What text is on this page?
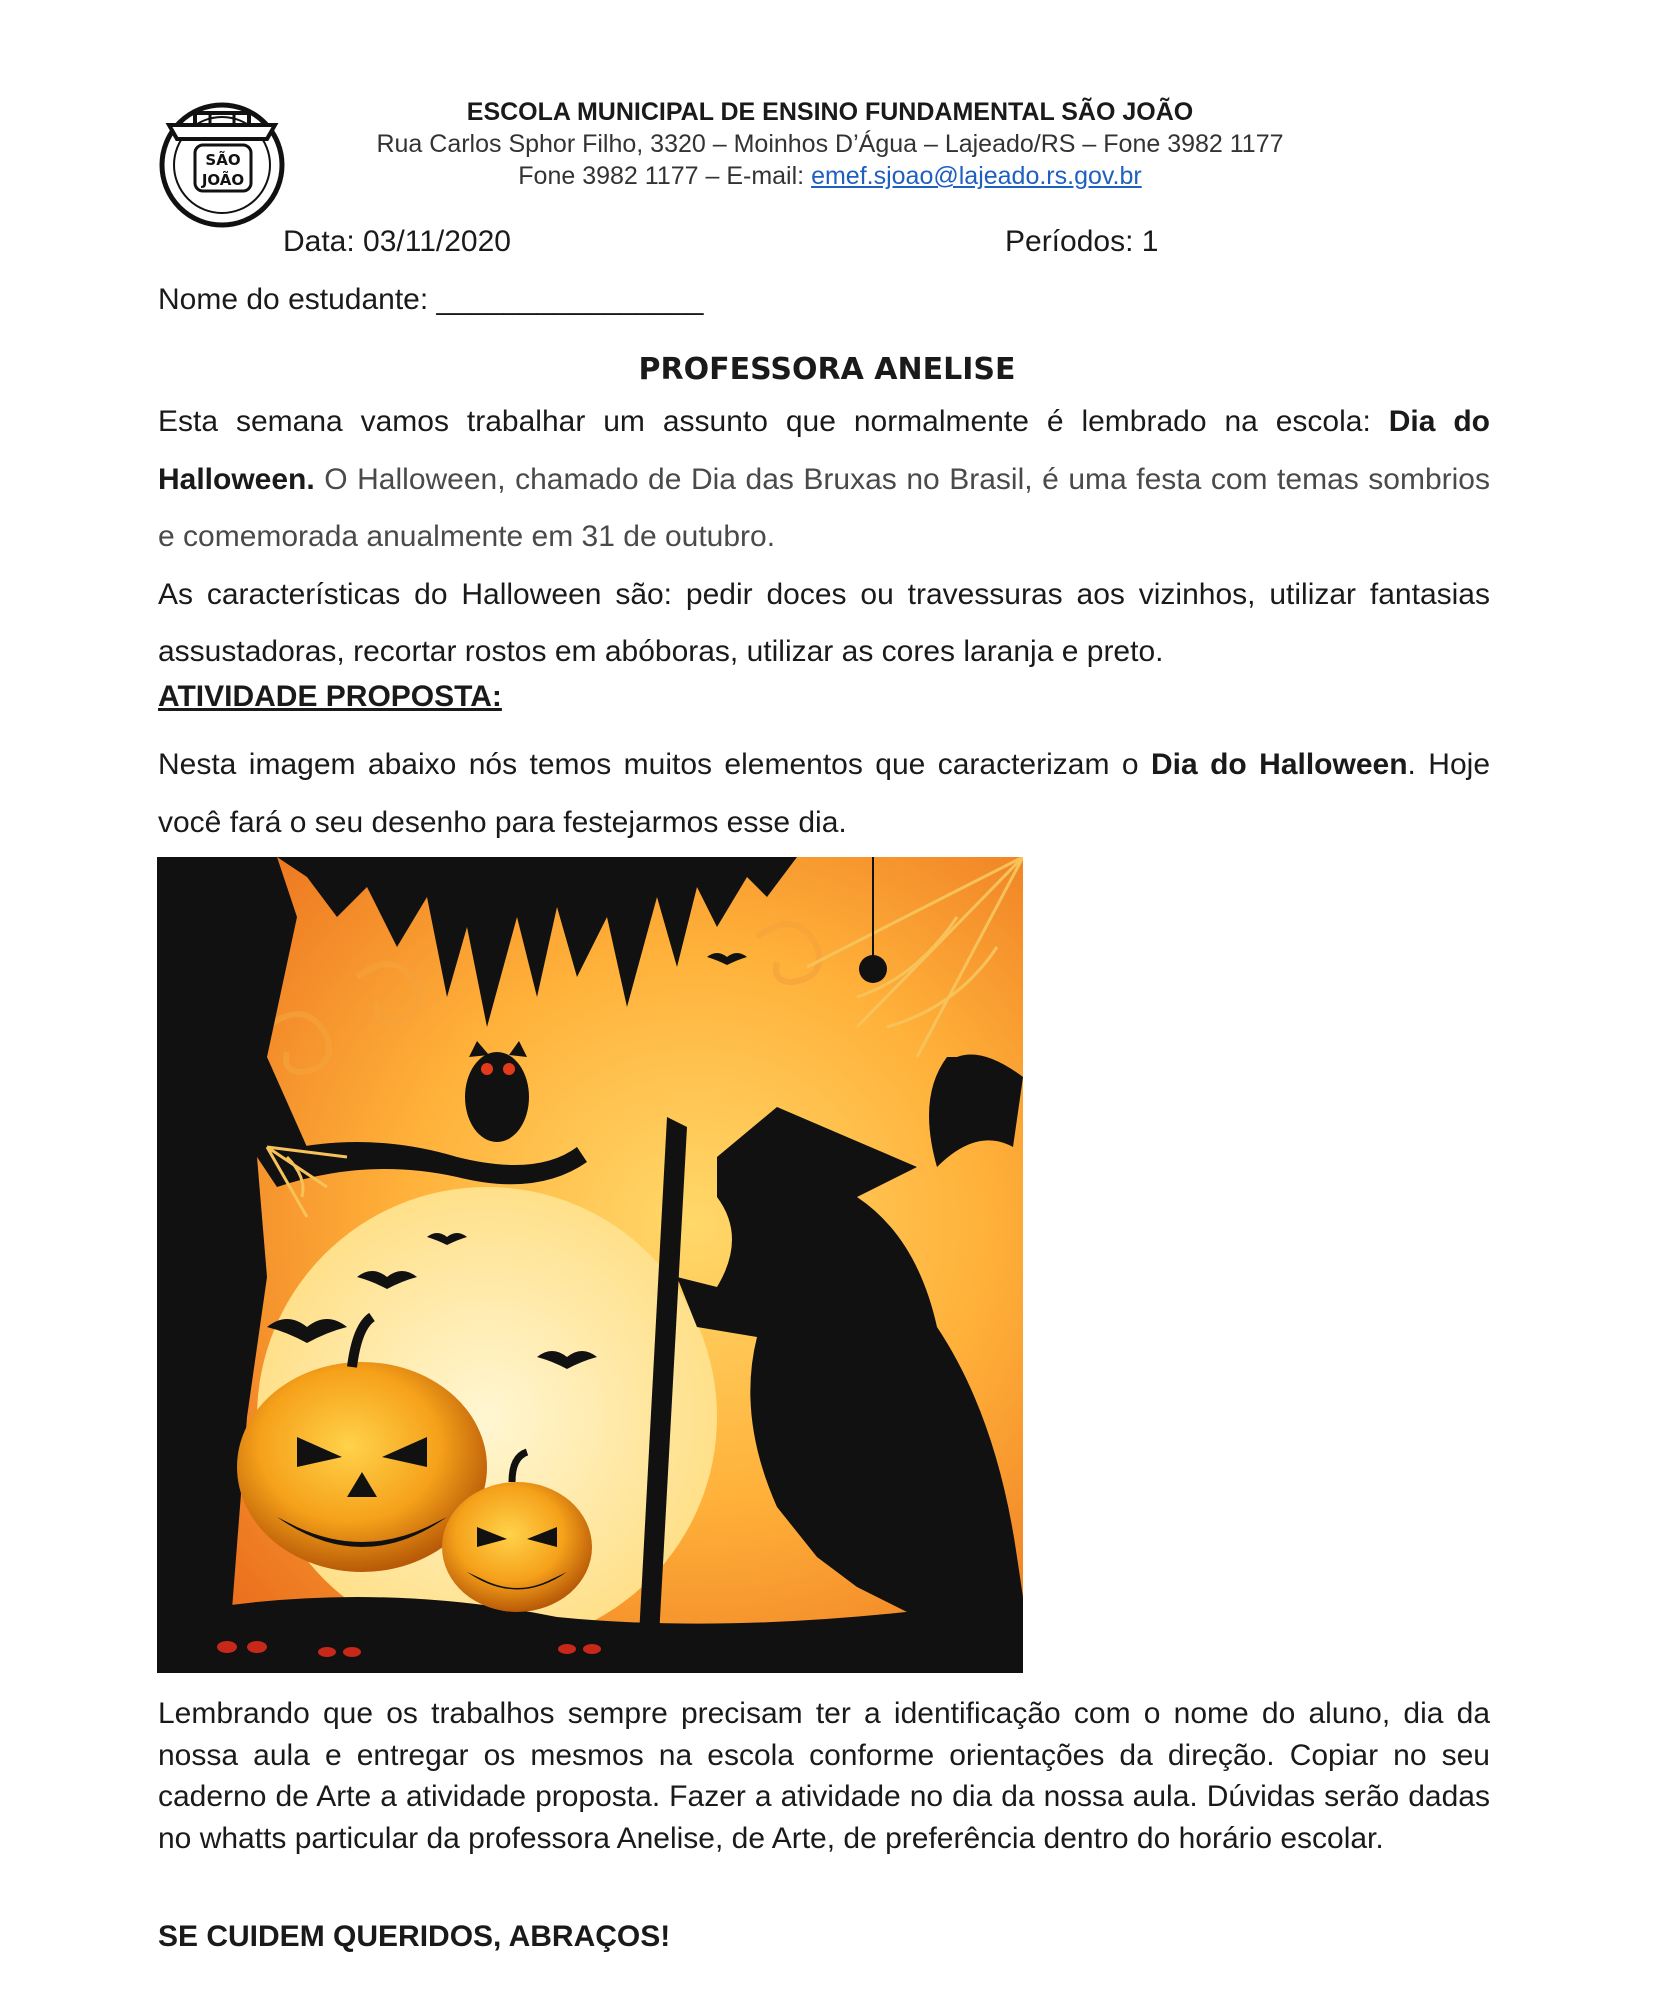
SÃO
JOÃO
ESCOLA MUNICIPAL DE ENSINO FUNDAMENTAL SÃO JOÃO
Rua Carlos Sphor Filho, 3320 – Moinhos D’Água – Lajeado/RS – Fone 3982 1177
Fone 3982 1177 – E-mail: emef.sjoao@lajeado.rs.gov.br
Data: 03/11/2020	Períodos: 1
Nome do estudante: ________________
PROFESSORA ANELISE
Esta semana vamos trabalhar um assunto que normalmente é lembrado na escola: Dia do Halloween. O Halloween, chamado de Dia das Bruxas no Brasil, é uma festa com temas sombrios e comemorada anualmente em 31 de outubro.
As características do Halloween são: pedir doces ou travessuras aos vizinhos, utilizar fantasias assustadoras, recortar rostos em abóboras, utilizar as cores laranja e preto.
ATIVIDADE PROPOSTA:
Nesta imagem abaixo nós temos muitos elementos que caracterizam o Dia do Halloween. Hoje você fará o seu desenho para festejarmos esse dia.
Lembrando que os trabalhos sempre precisam ter a identificação com o nome do aluno, dia da nossa aula e entregar os mesmos na escola conforme orientações da direção. Copiar no seu caderno de Arte a atividade proposta. Fazer a atividade no dia da nossa aula. Dúvidas serão dadas no whatts particular da professora Anelise, de Arte, de preferência dentro do horário escolar.
SE CUIDEM QUERIDOS, ABRAÇOS!
